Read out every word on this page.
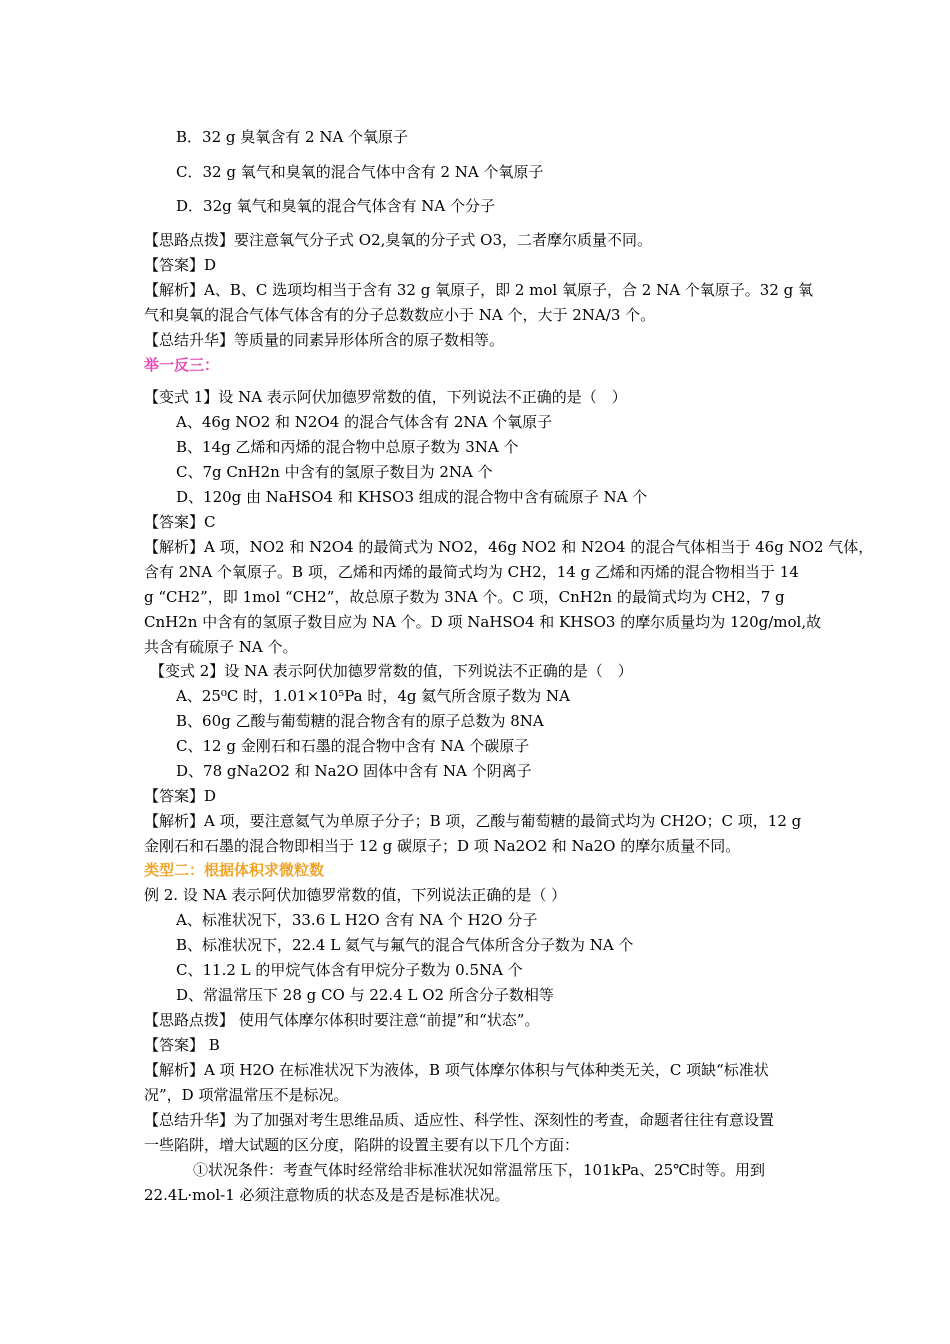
B．32 g 臭氧含有 2 NA 个氧原子
C．32 g 氧气和臭氧的混合气体中含有 2 NA 个氧原子
D．32g 氧气和臭氧的混合气体含有 NA 个分子
【思路点拨】要注意氧气分子式 O2,臭氧的分子式 O3，二者摩尔质量不同。
【答案】D
【解析】A、B、C 选项均相当于含有 32 g 氧原子，即 2 mol 氧原子，合 2 NA 个氧原子。32 g 氧
气和臭氧的混合气体气体含有的分子总数数应小于 NA 个，大于 2NA/3 个。
【总结升华】等质量的同素异形体所含的原子数相等。
举一反三：
【变式 1】设 NA 表示阿伏加德罗常数的值，下列说法不正确的是（　）
A、46g NO2 和 N2O4 的混合气体含有 2NA 个氧原子
B、14g 乙烯和丙烯的混合物中总原子数为 3NA 个
C、7g CnH2n 中含有的氢原子数目为 2NA 个
D、120g 由 NaHSO4 和 KHSO3 组成的混合物中含有硫原子 NA 个
【答案】C
【解析】A 项，NO2 和 N2O4 的最简式为 NO2，46g NO2 和 N2O4 的混合气体相当于 46g NO2 气体，
含有 2NA 个氧原子。B 项，乙烯和丙烯的最简式均为 CH2，14 g 乙烯和丙烯的混合物相当于 14
g “CH2”，即 1mol “CH2”，故总原子数为 3NA 个。C 项，CnH2n 的最简式均为 CH2，7 g
CnH2n 中含有的氢原子数目应为 NA 个。D 项 NaHSO4 和 KHSO3 的摩尔质量均为 120g/mol,故
共含有硫原子 NA 个。
【变式 2】设 NA 表示阿伏加德罗常数的值，下列说法不正确的是（　）
A、25⁰C 时，1.01×10⁵Pa 时，4g 氦气所含原子数为 NA
B、60g 乙酸与葡萄糖的混合物含有的原子总数为 8NA
C、12 g 金刚石和石墨的混合物中含有 NA 个碳原子
D、78 gNa2O2 和 Na2O 固体中含有 NA 个阴离子
【答案】D
【解析】A 项，要注意氦气为单原子分子；B 项，乙酸与葡萄糖的最简式均为 CH2O；C 项，12 g
金刚石和石墨的混合物即相当于 12 g 碳原子；D 项 Na2O2 和 Na2O 的摩尔质量不同。
类型二：根据体积求微粒数
例 2. 设 NA 表示阿伏加德罗常数的值，下列说法正确的是（ ）
A、标准状况下，33.6 L H2O 含有 NA 个 H2O 分子
B、标准状况下，22.4 L 氦气与氟气的混合气体所含分子数为 NA 个
C、11.2 L 的甲烷气体含有甲烷分子数为 0.5NA 个
D、常温常压下 28 g CO 与 22.4 L O2 所含分子数相等
【思路点拨】 使用气体摩尔体积时要注意“前提”和“状态”。
【答案】 B
【解析】A 项 H2O 在标准状况下为液体，B 项气体摩尔体积与气体种类无关，C 项缺“标准状
况”，D 项常温常压不是标况。
【总结升华】为了加强对考生思维品质、适应性、科学性、深刻性的考查，命题者往往有意设置
一些陷阱，增大试题的区分度，陷阱的设置主要有以下几个方面：
①状况条件：考查气体时经常给非标准状况如常温常压下，101kPa、25℃时等。用到
22.4L·mol-1 必须注意物质的状态及是否是标准状况。
